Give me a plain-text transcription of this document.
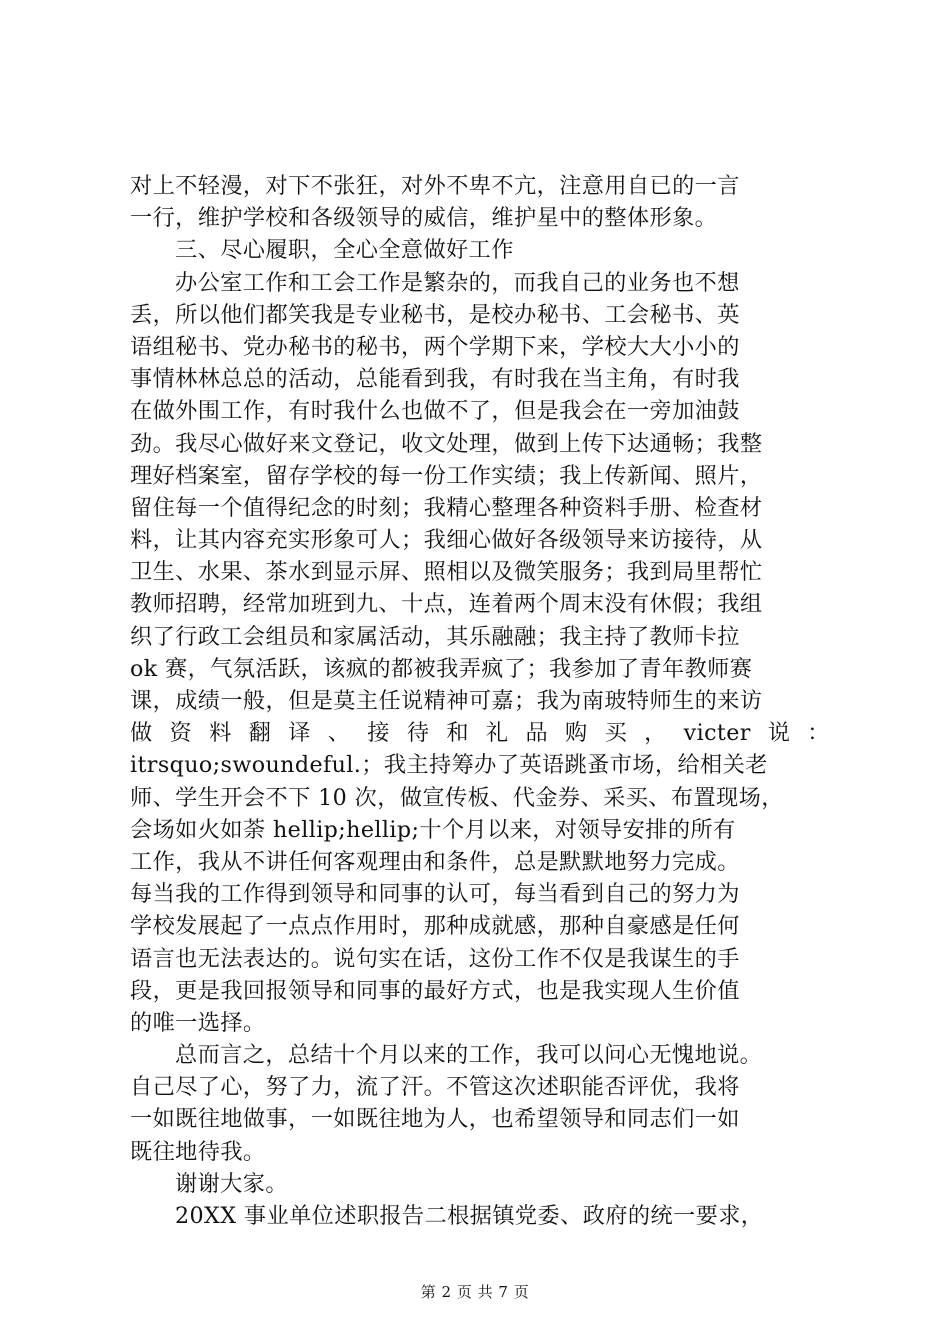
对上不轻漫，对下不张狂，对外不卑不亢，注意用自已的一言
一行，维护学校和各级领导的威信，维护星中的整体形象。
三、尽心履职，全心全意做好工作
办公室工作和工会工作是繁杂的，而我自己的业务也不想
丢，所以他们都笑我是专业秘书，是校办秘书、工会秘书、英
语组秘书、党办秘书的秘书，两个学期下来，学校大大小小的
事情林林总总的活动，总能看到我，有时我在当主角，有时我
在做外围工作，有时我什么也做不了，但是我会在一旁加油鼓
劲。我尽心做好来文登记，收文处理，做到上传下达通畅；我整
理好档案室，留存学校的每一份工作实绩；我上传新闻、照片，
留住每一个值得纪念的时刻；我精心整理各种资料手册、检查材
料，让其内容充实形象可人；我细心做好各级领导来访接待，从
卫生、水果、茶水到显示屏、照相以及微笑服务；我到局里帮忙
教师招聘，经常加班到九、十点，连着两个周末没有休假；我组
织了行政工会组员和家属活动，其乐融融；我主持了教师卡拉
ok 赛，气氛活跃，该疯的都被我弄疯了；我参加了青年教师赛
课，成绩一般，但是莫主任说精神可嘉；我为南玻特师生的来访
做 资 料 翻 译 、 接 待 和 礼 品 购 买 ， victer 说 ：
itrsquo;swoundeful.；我主持筹办了英语跳蚤市场，给相关老
师、学生开会不下 10 次，做宣传板、代金券、采买、布置现场，
会场如火如荼 hellip;hellip;十个月以来，对领导安排的所有
工作，我从不讲任何客观理由和条件，总是默默地努力完成。
每当我的工作得到领导和同事的认可，每当看到自己的努力为
学校发展起了一点点作用时，那种成就感，那种自豪感是任何
语言也无法表达的。说句实在话，这份工作不仅是我谋生的手
段，更是我回报领导和同事的最好方式，也是我实现人生价值
的唯一选择。
总而言之，总结十个月以来的工作，我可以问心无愧地说。
自己尽了心，努了力，流了汗。不管这次述职能否评优，我将
一如既往地做事，一如既往地为人，也希望领导和同志们一如
既往地待我。
谢谢大家。
20XX 事业单位述职报告二根据镇党委、政府的统一要求，
第 2 页 共 7 页
